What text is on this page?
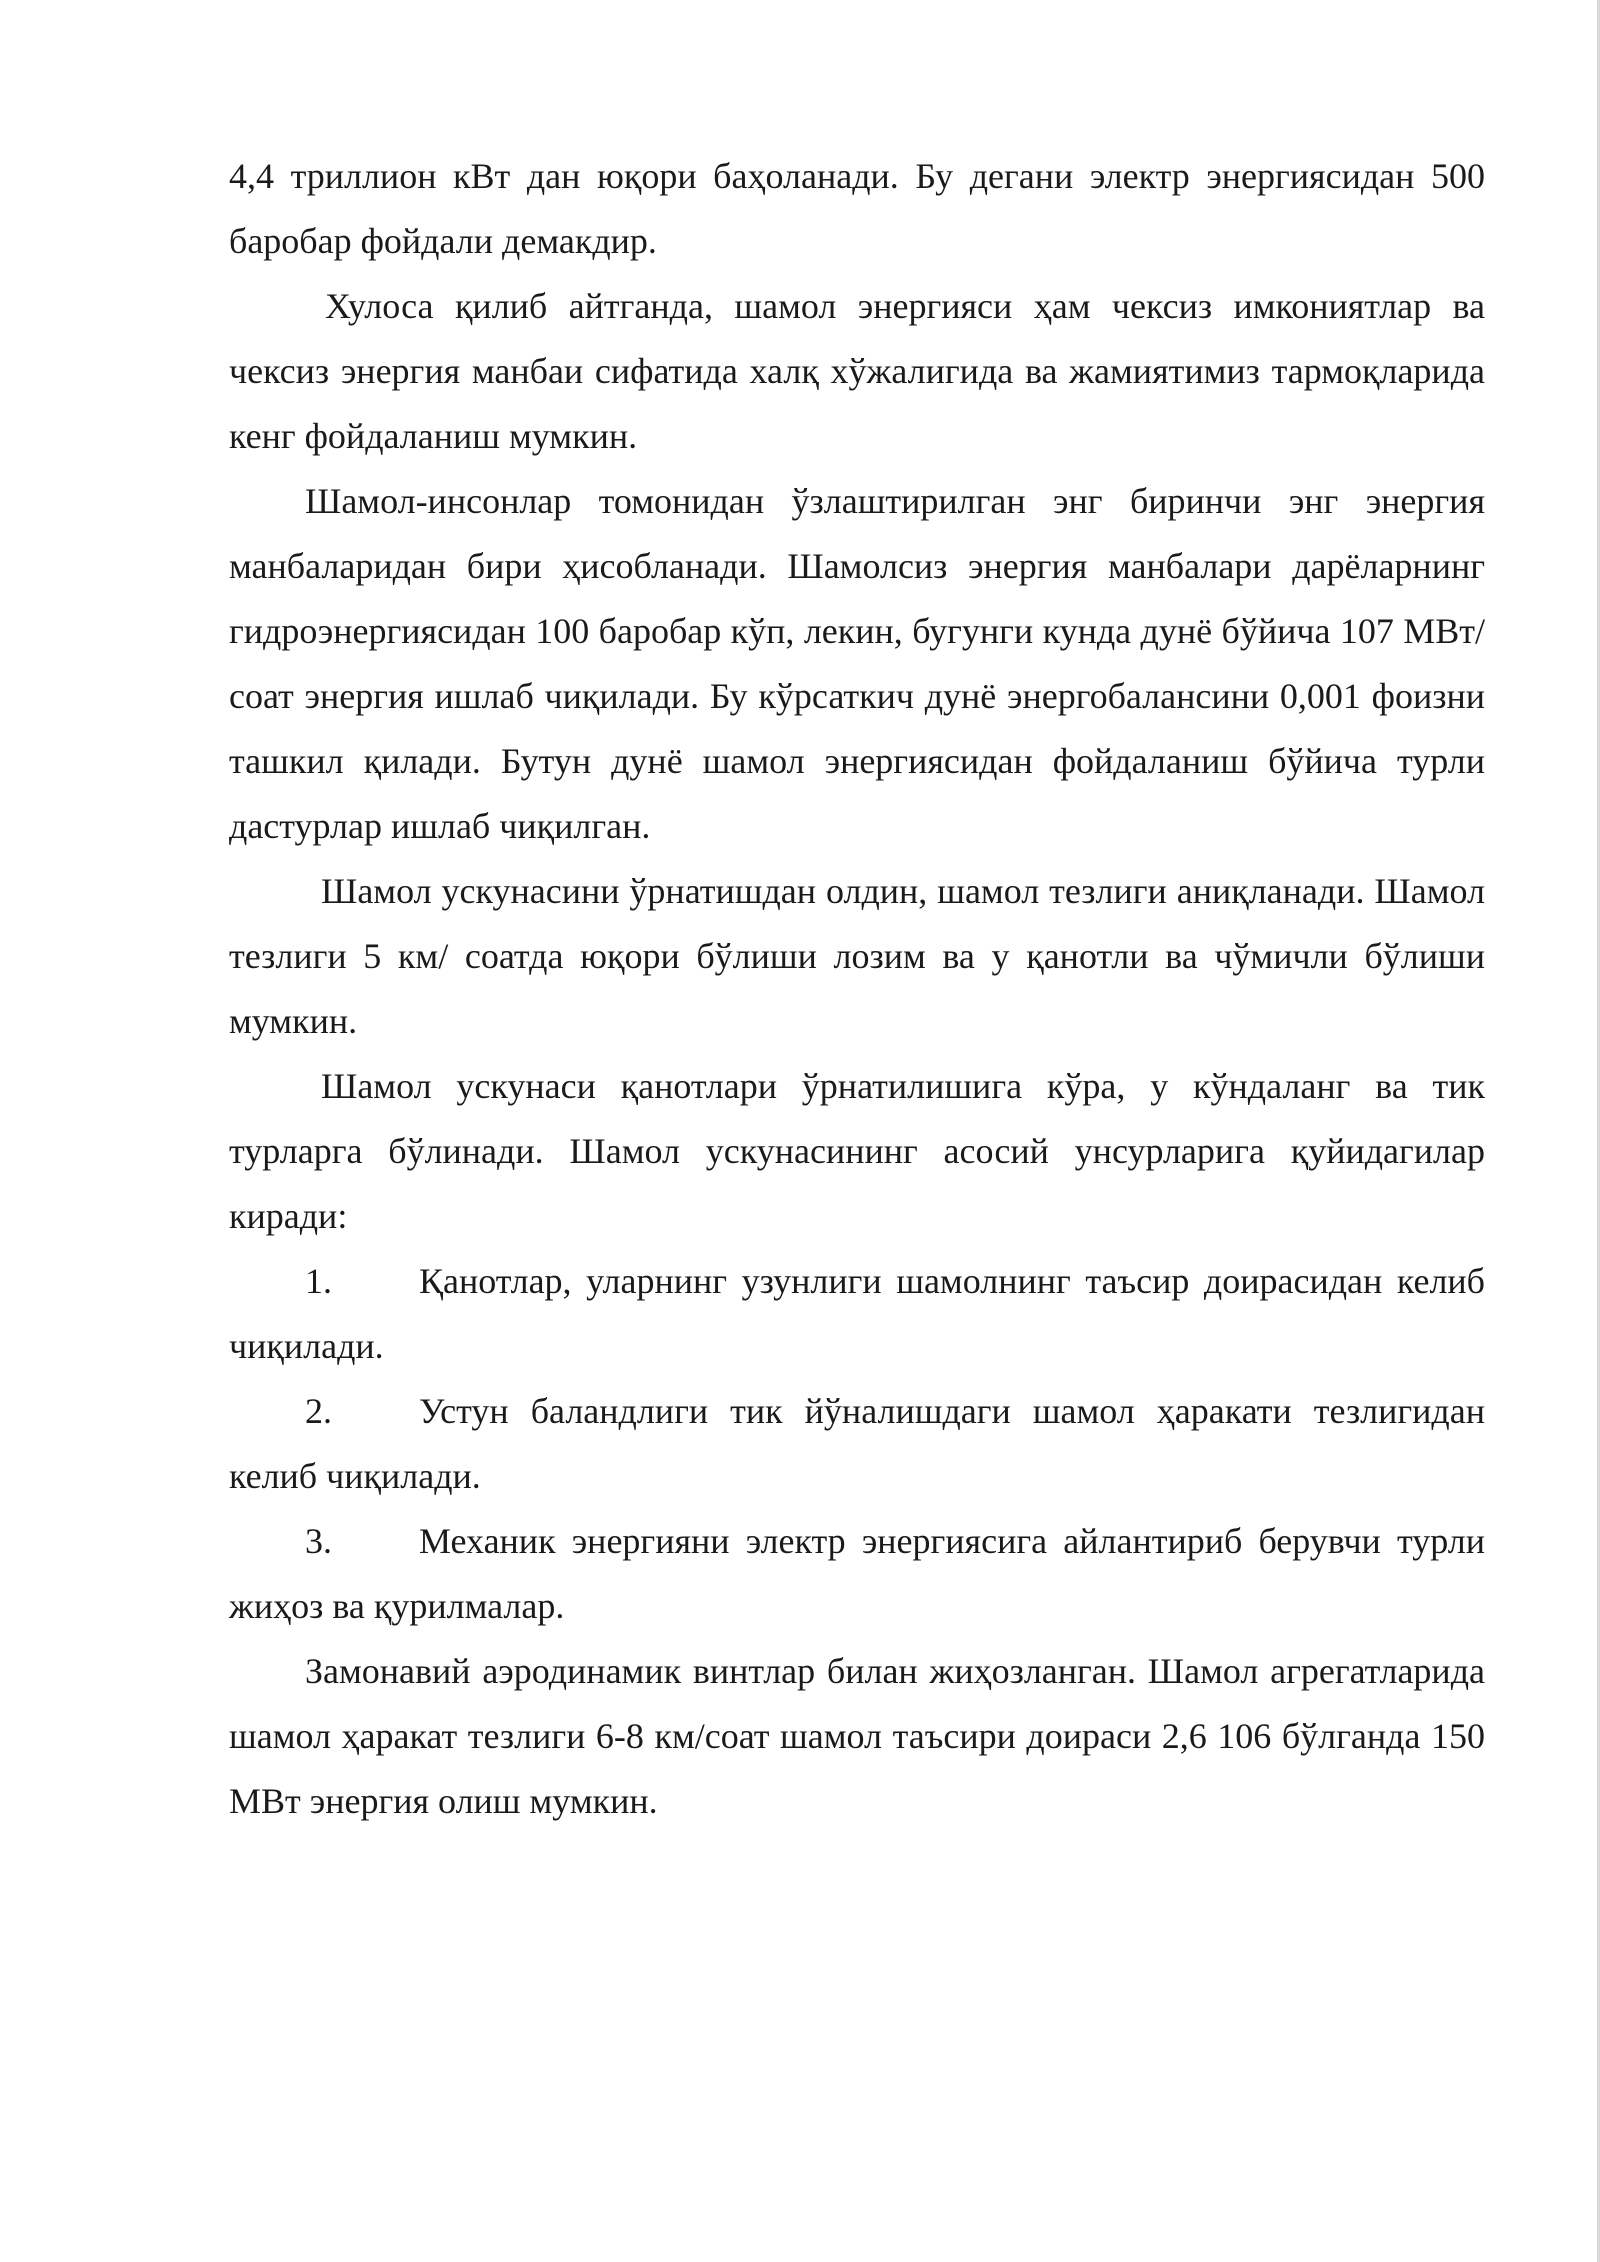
4,4 триллион кВт дан юқори баҳоланади. Бу дегани электр энергиясидан 500 баробар фойдали демакдир.

Хулоса қилиб айтганда, шамол энергияси ҳам чексиз имкониятлар ва чексиз энергия манбаи сифатида халқ хўжалигида ва жамиятимиз тармоқларида кенг фойдаланиш мумкин.

Шамол-инсонлар томонидан ўзлаштирилган энг биринчи энг энергия манбаларидан бири ҳисобланади. Шамолсиз энергия манбалари дарёларнинг гидроэнергиясидан 100 баробар кўп, лекин, бугунги кунда дунё бўйича 107 МВт/соат энергия ишлаб чиқилади. Бу кўрсаткич дунё энергобалансини 0,001 фоизни ташкил қилади. Бутун дунё шамол энергиясидан фойдаланиш бўйича турли дастурлар ишлаб чиқилган.

Шамол ускунасини ўрнатишдан олдин, шамол тезлиги аниқланади. Шамол тезлиги 5 км/ соатда юқори бўлиши лозим ва у қанотли ва чўмичли бўлиши мумкин.

Шамол ускунаси қанотлари ўрнатилишига кўра, у кўндаланг ва тик турларга бўлинади. Шамол ускунасининг асосий унсурларига қуйидагилар киради:

1. Қанотлар, уларнинг узунлиги шамолнинг таъсир доирасидан келиб чиқилади.

2. Устун баландлиги тик йўналишдаги шамол ҳаракати тезлигидан келиб чиқилади.

3. Механик энергияни электр энергиясига айлантириб берувчи турли жиҳоз ва қурилмалар.

Замонавий аэродинамик винтлар билан жиҳозланган. Шамол агрегатларида шамол ҳаракат тезлиги 6-8 км/соат шамол таъсири доираси 2,6 106 бўлганда 150 МВт энергия олиш мумкин.
